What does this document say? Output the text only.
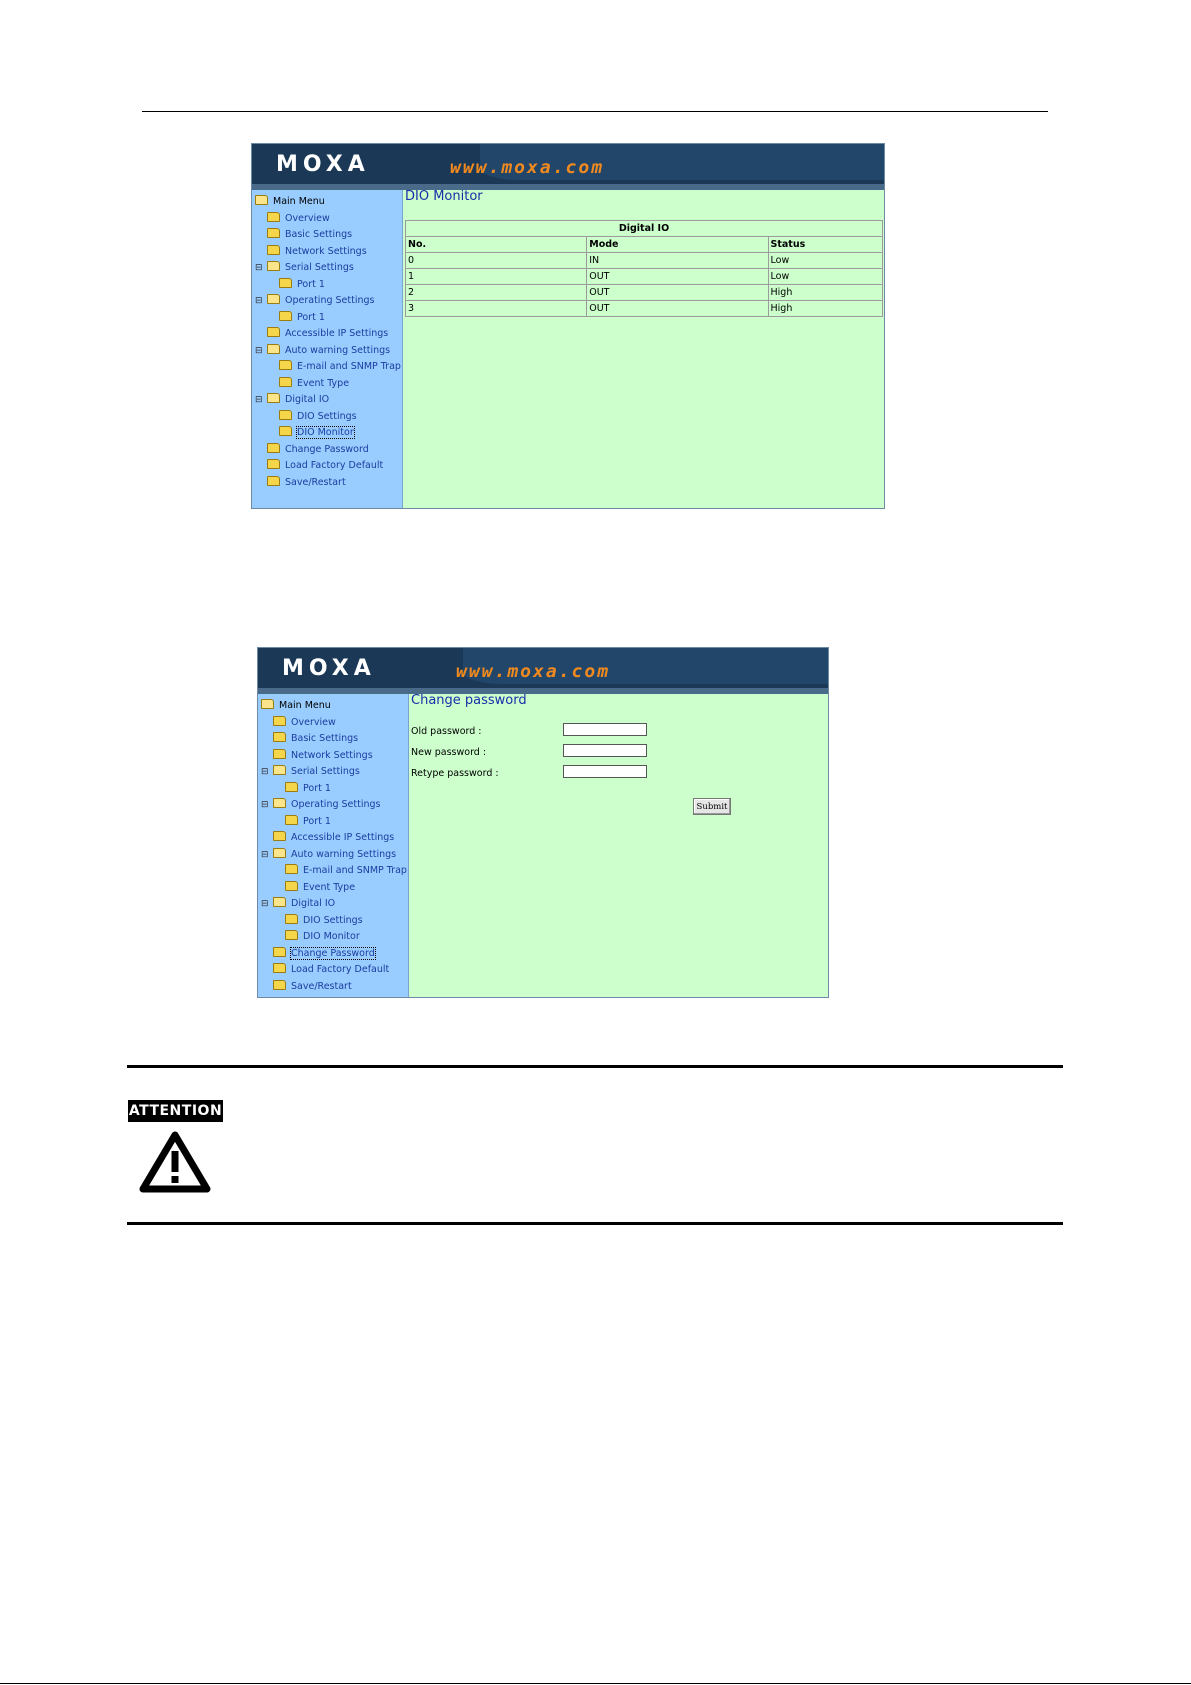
MOXA	www.moxa.com
Main Menu
Overview
Basic Settings
Network Settings
⊟ Serial Settings
Port 1
⊟ Operating Settings
Port 1
Accessible IP Settings
⊟ Auto warning Settings
E-mail and SNMP Trap
Event Type
⊟ Digital IO
DIO Settings
DIO Monitor
Change Password
Load Factory Default
Save/Restart
DIO Monitor
Digital IO		
No.	Mode	Status
0	IN	Low
1	OUT	Low
2	OUT	High
3	OUT	High
MOXA	www.moxa.com
Main Menu
Overview
Basic Settings
Network Settings
⊟ Serial Settings
Port 1
⊟ Operating Settings
Port 1
Accessible IP Settings
⊟ Auto warning Settings
E-mail and SNMP Trap
Event Type
⊟ Digital IO
DIO Settings
DIO Monitor
Change Password
Load Factory Default
Save/Restart
Change password
Old password :
New password :
Retype password :
Submit
ATTENTION
